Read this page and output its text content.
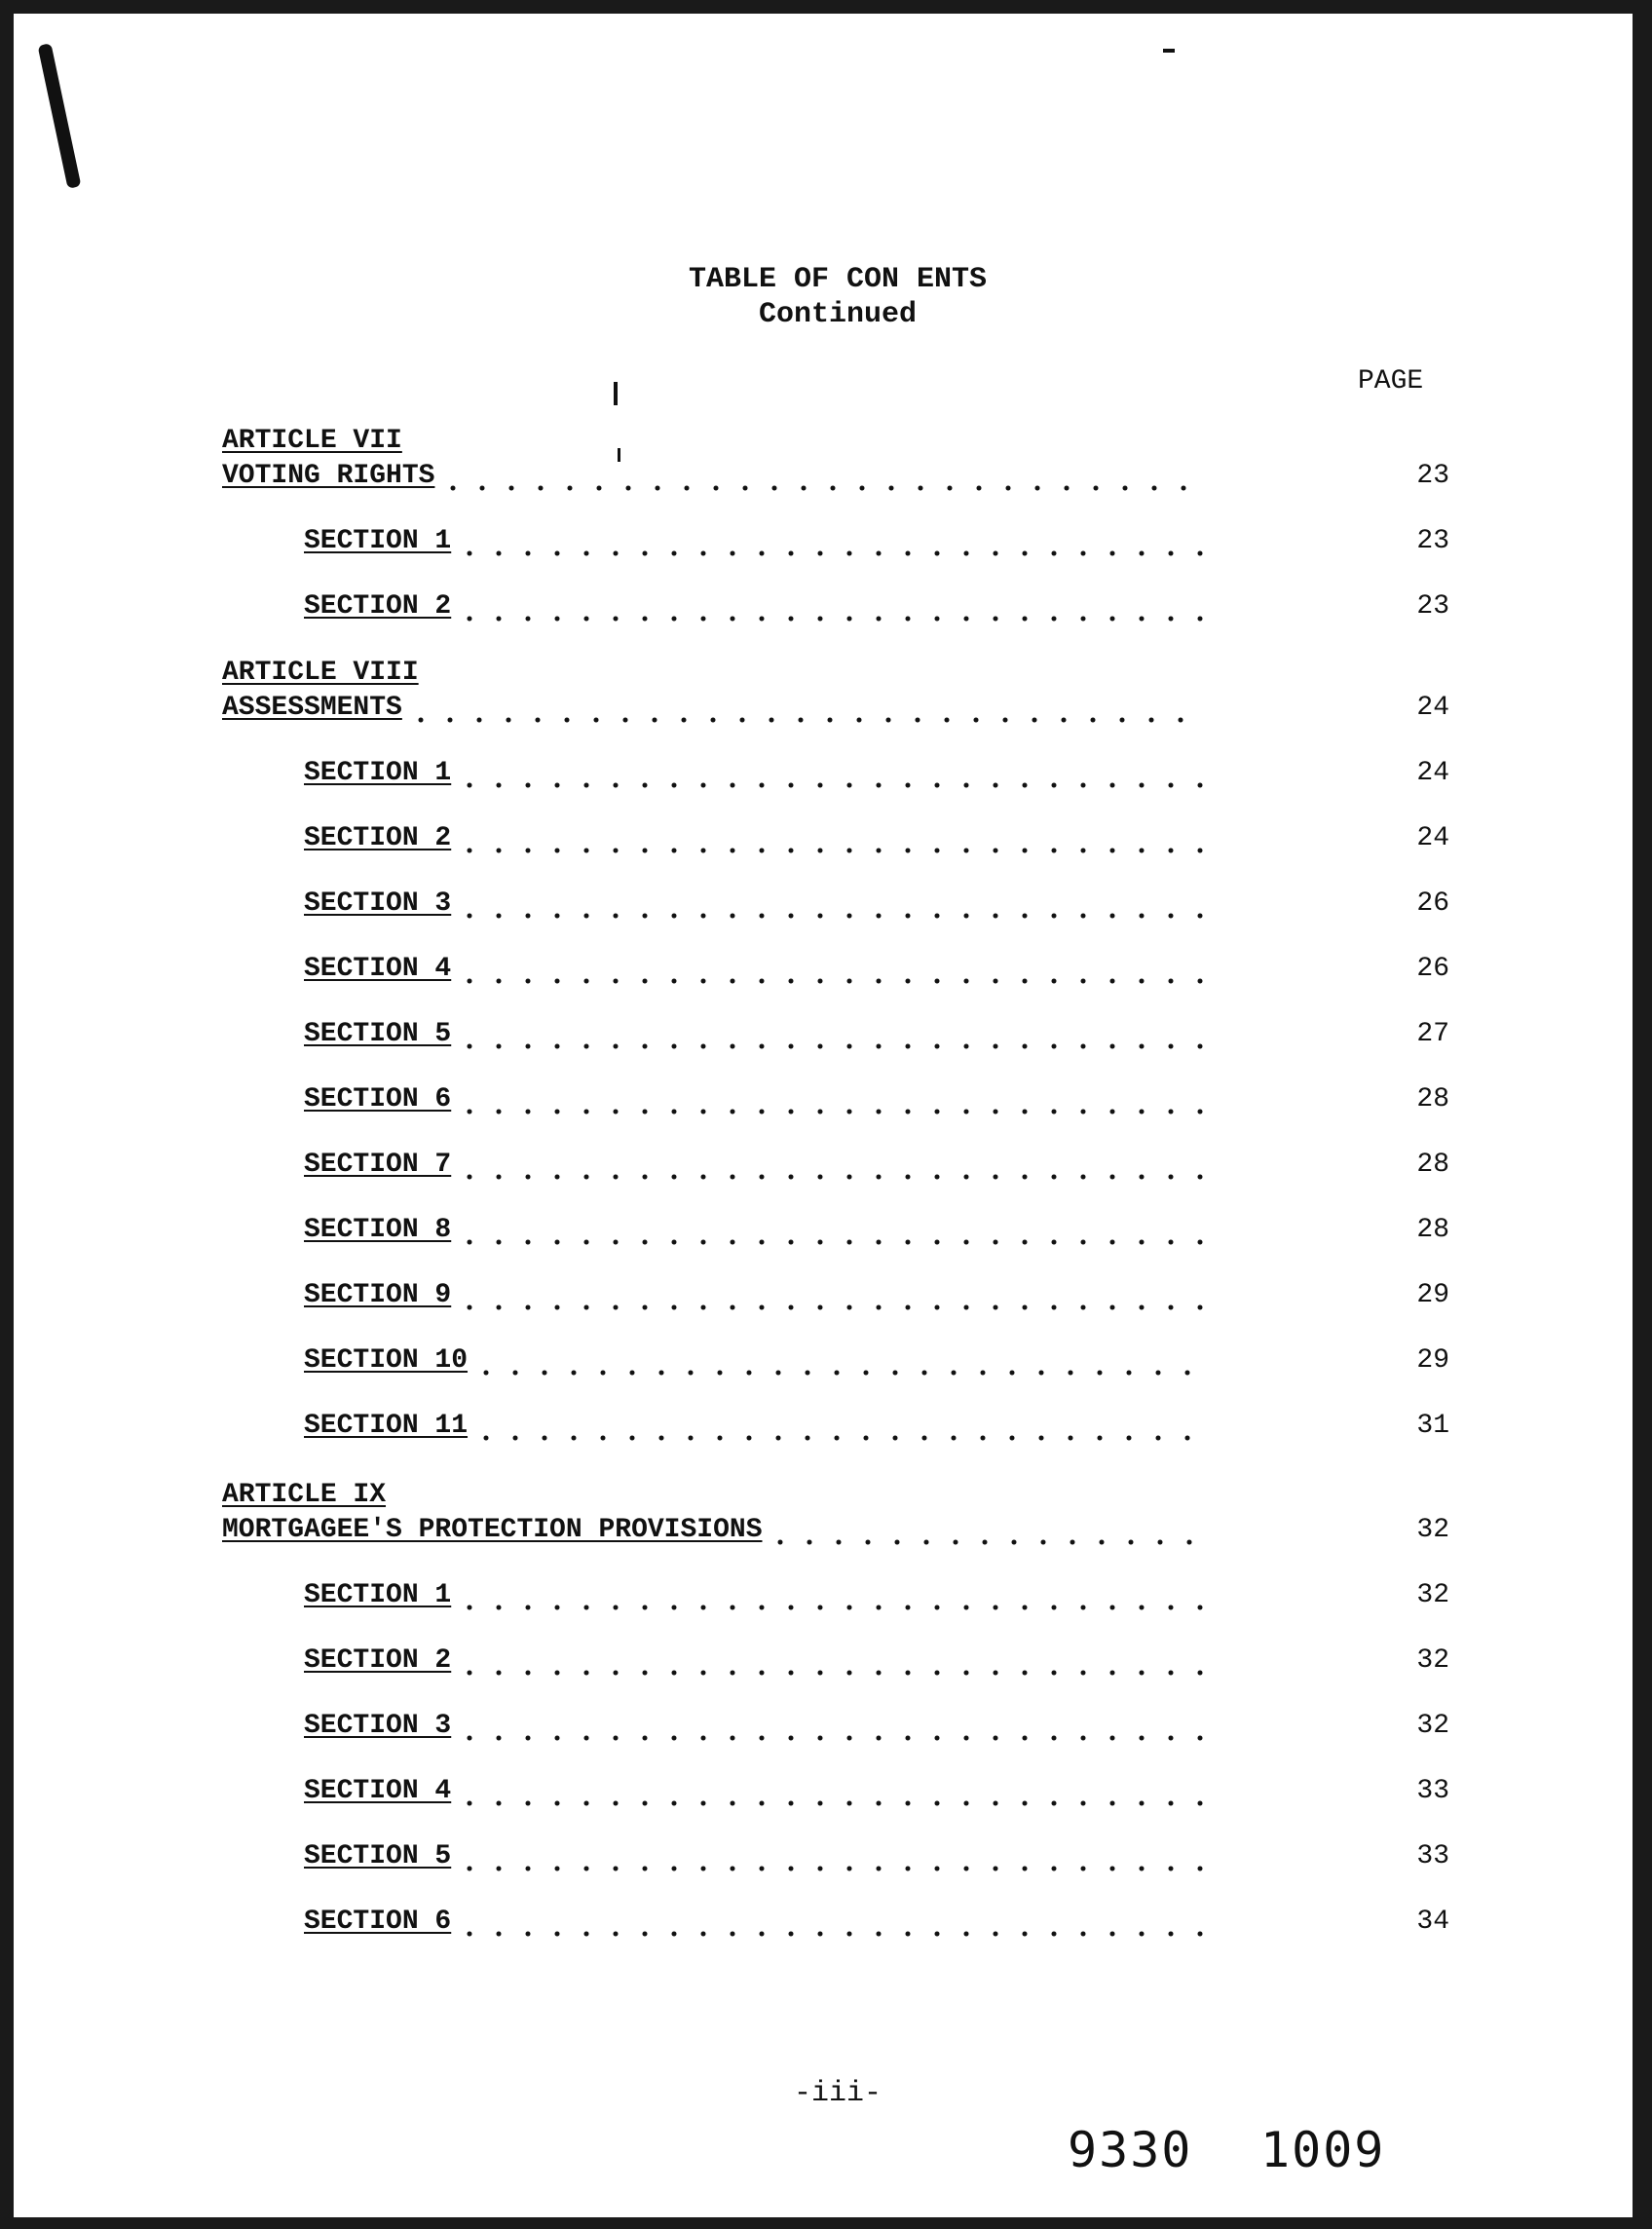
TABLE OF CON ENTS
Continued
PAGE
ARTICLE VII
VOTING RIGHTS	23
SECTION 1	23
SECTION 2	23
ARTICLE VIII
ASSESSMENTS	24
SECTION 1	24
SECTION 2	24
SECTION 3	26
SECTION 4	26
SECTION 5	27
SECTION 6	28
SECTION 7	28
SECTION 8	28
SECTION 9	29
SECTION 10	29
SECTION 11	31
ARTICLE IX
MORTGAGEE'S PROTECTION PROVISIONS	32
SECTION 1	32
SECTION 2	32
SECTION 3	32
SECTION 4	33
SECTION 5	33
SECTION 6	34
-iii-
9330 1009
